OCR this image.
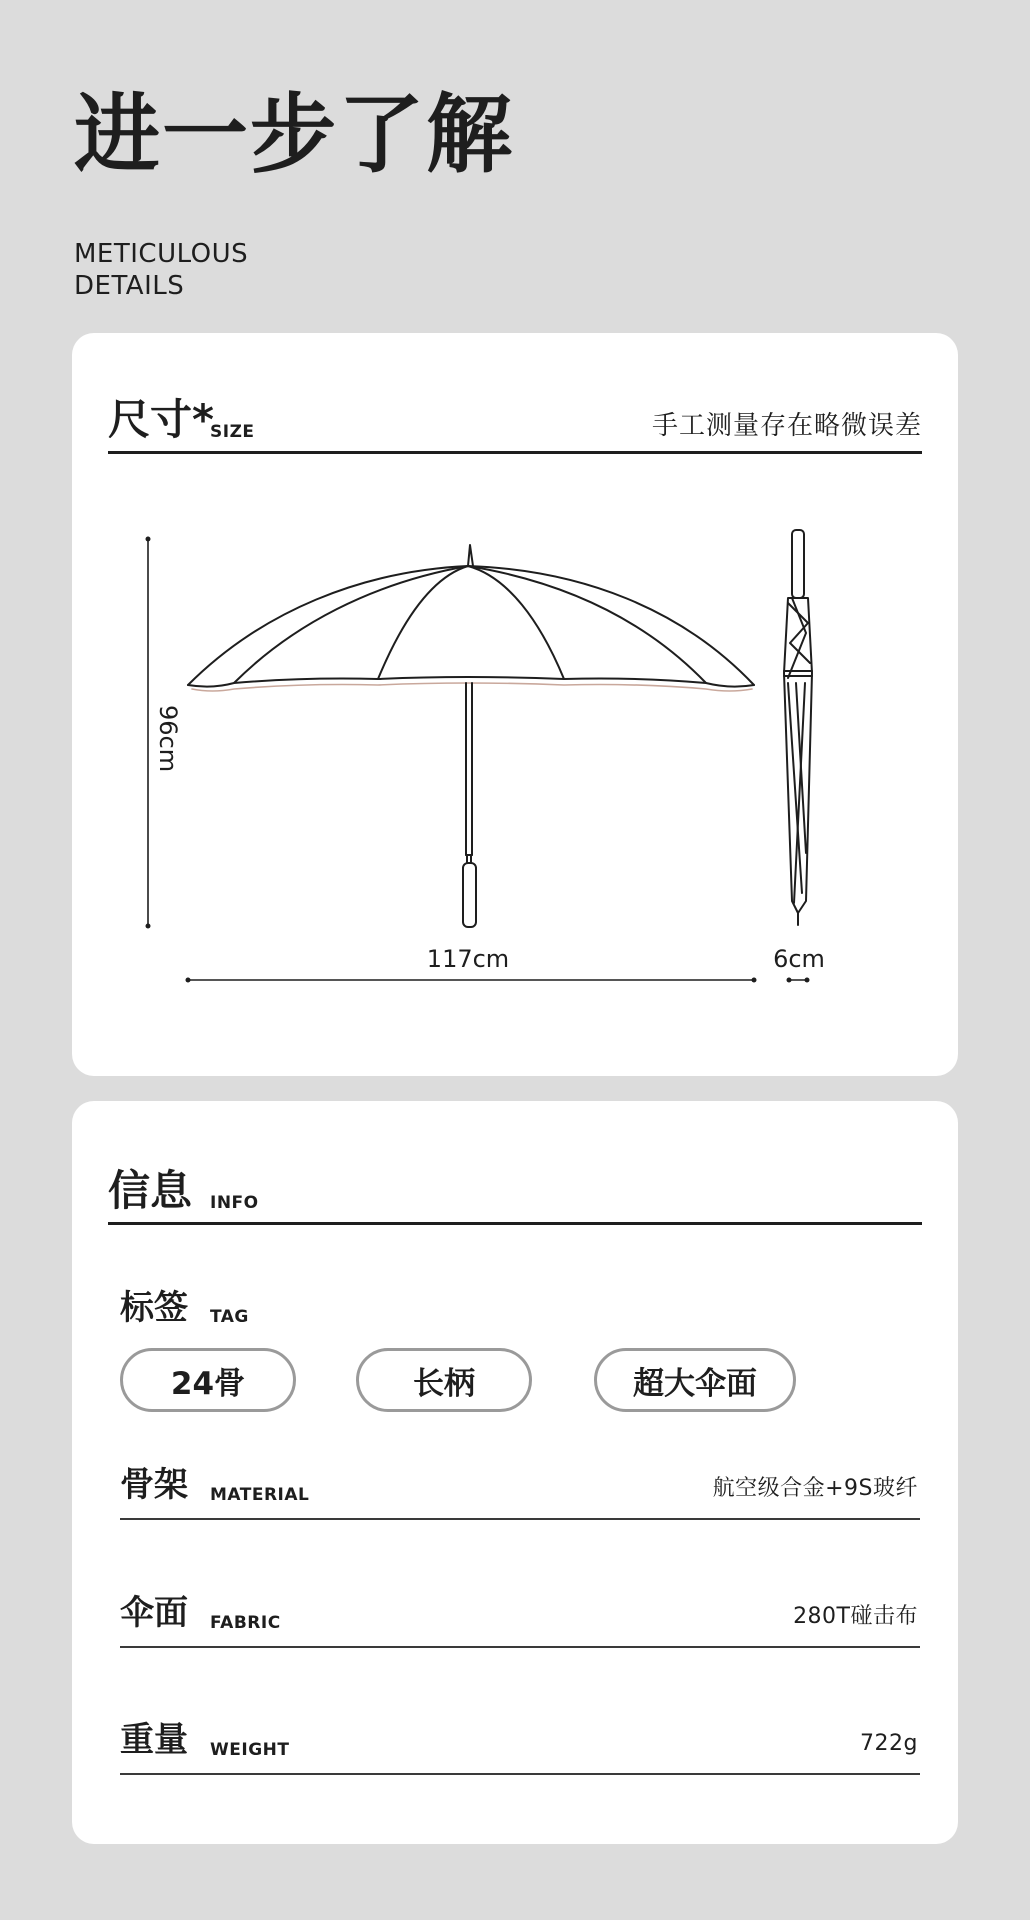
进一步了解
METICULOUS
DETAILS
尺寸*
SIZE	手工测量存在略微误差
96cm
117cm	6cm
信息 INFO
标签 TAG
24骨	长柄	超大伞面
骨架 MATERIAL	航空级合金+9S玻纤
伞面 FABRIC	280T碰击布
重量 WEIGHT	722g
